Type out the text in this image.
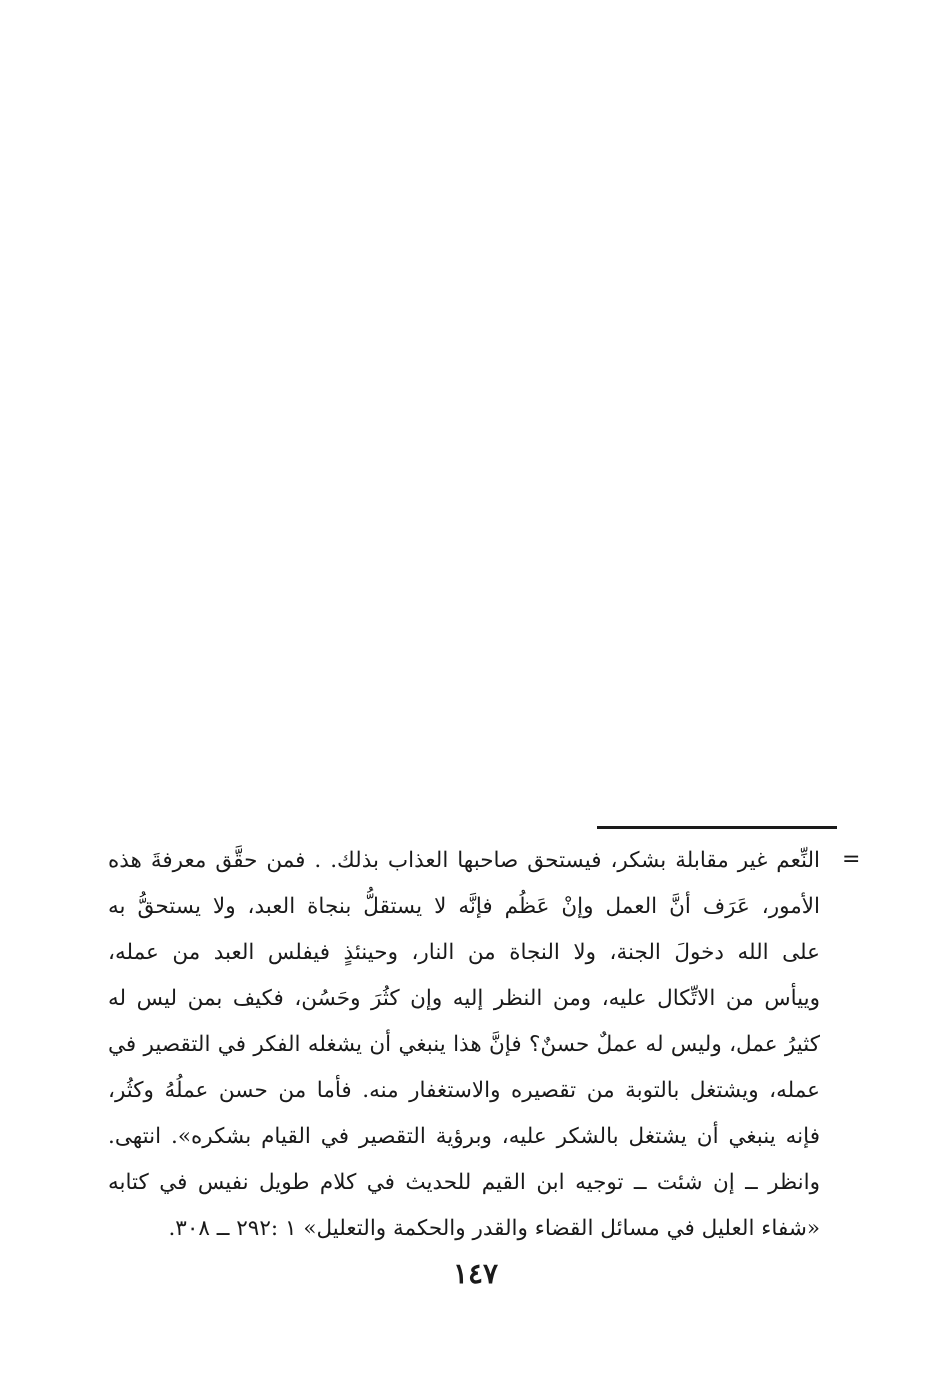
=
النِّعم غير مقابلة بشكر، فيستحق صاحبها العذاب بذلك. . فمن حقَّق معرفةَ هذه
الأمور، عَرَف أنَّ العمل وإنْ عَظُم فإنَّه لا يستقلُّ بنجاة العبد، ولا يستحقُّ به
على الله دخولَ الجنة، ولا النجاة من النار، وحينئذٍ فيفلس العبد من عمله،
وييأس من الاتِّكال عليه، ومن النظر إليه وإن كثُرَ وحَسُن، فكيف بمن ليس له
كثيرُ عمل، وليس له عملٌ حسنٌ؟ فإنَّ هذا ينبغي أن يشغله الفكر في التقصير في
عمله، ويشتغل بالتوبة من تقصيره والاستغفار منه. فأما من حسن عملُهُ وكثُر،
فإنه ينبغي أن يشتغل بالشكر عليه، وبرؤية التقصير في القيام بشكره». انتهى.
وانظر ــ إن شئت ــ توجيه ابن القيم للحديث في كلام طويل نفيس في كتابه
«شفاء العليل في مسائل القضاء والقدر والحكمة والتعليل» ١ :٢٩٢ ــ ٣٠٨.
١٤٧
